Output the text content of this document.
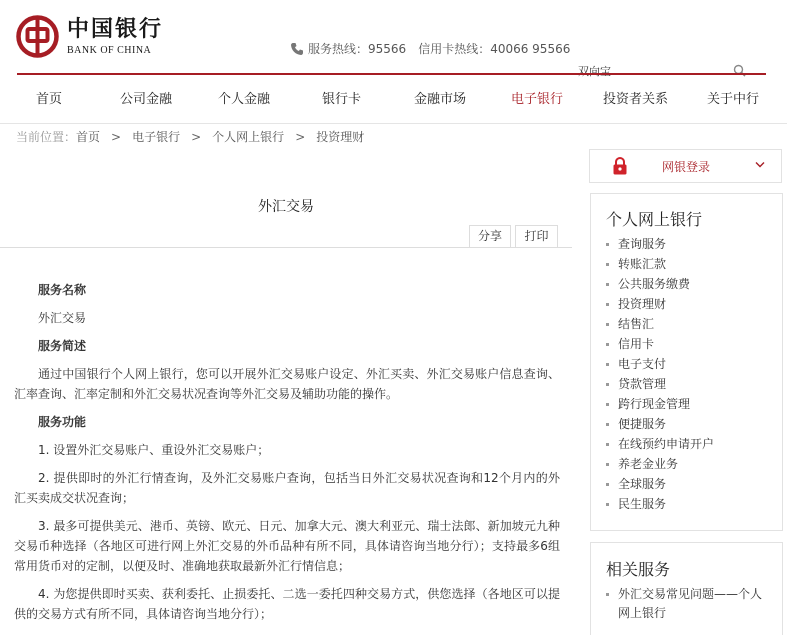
中国银行
BANK OF CHINA	服务热线：95566 信用卡热线：40066 95566
双向宝
首页	公司金融	个人金融	银行卡	金融市场	电子银行	投资者关系	关于中行
当前位置： 首页 > 电子银行 > 个人网上银行 > 投资理财
外汇交易
分享	打印
服务名称
外汇交易
服务简述
通过中国银行个人网上银行，您可以开展外汇交易账户设定、外汇买卖、外汇交易账户信息查询、汇率查询、汇率定制和外汇交易状况查询等外汇交易及辅助功能的操作。
服务功能
1. 设置外汇交易账户、重设外汇交易账户；
2. 提供即时的外汇行情查询，及外汇交易账户查询，包括当日外汇交易状况查询和12个月内的外汇买卖成交状况查询；
3. 最多可提供美元、港币、英镑、欧元、日元、加拿大元、澳大利亚元、瑞士法郎、新加坡元九种交易币种选择（各地区可进行网上外汇交易的外币品种有所不同，具体请咨询当地分行）；支持最多6组常用货币对的定制，以便及时、准确地获取最新外汇行情信息；
4. 为您提供即时买卖、获利委托、止损委托、二选一委托四种交易方式，供您选择（各地区可以提供的交易方式有所不同，具体请咨询当地分行）；
网银登录
个人网上银行
查询服务
转账汇款
公共服务缴费
投资理财
结售汇
信用卡
电子支付
贷款管理
跨行现金管理
便捷服务
在线预约申请开户
养老金业务
全球服务
民生服务
相关服务
外汇交易常见问题——个人网上银行
